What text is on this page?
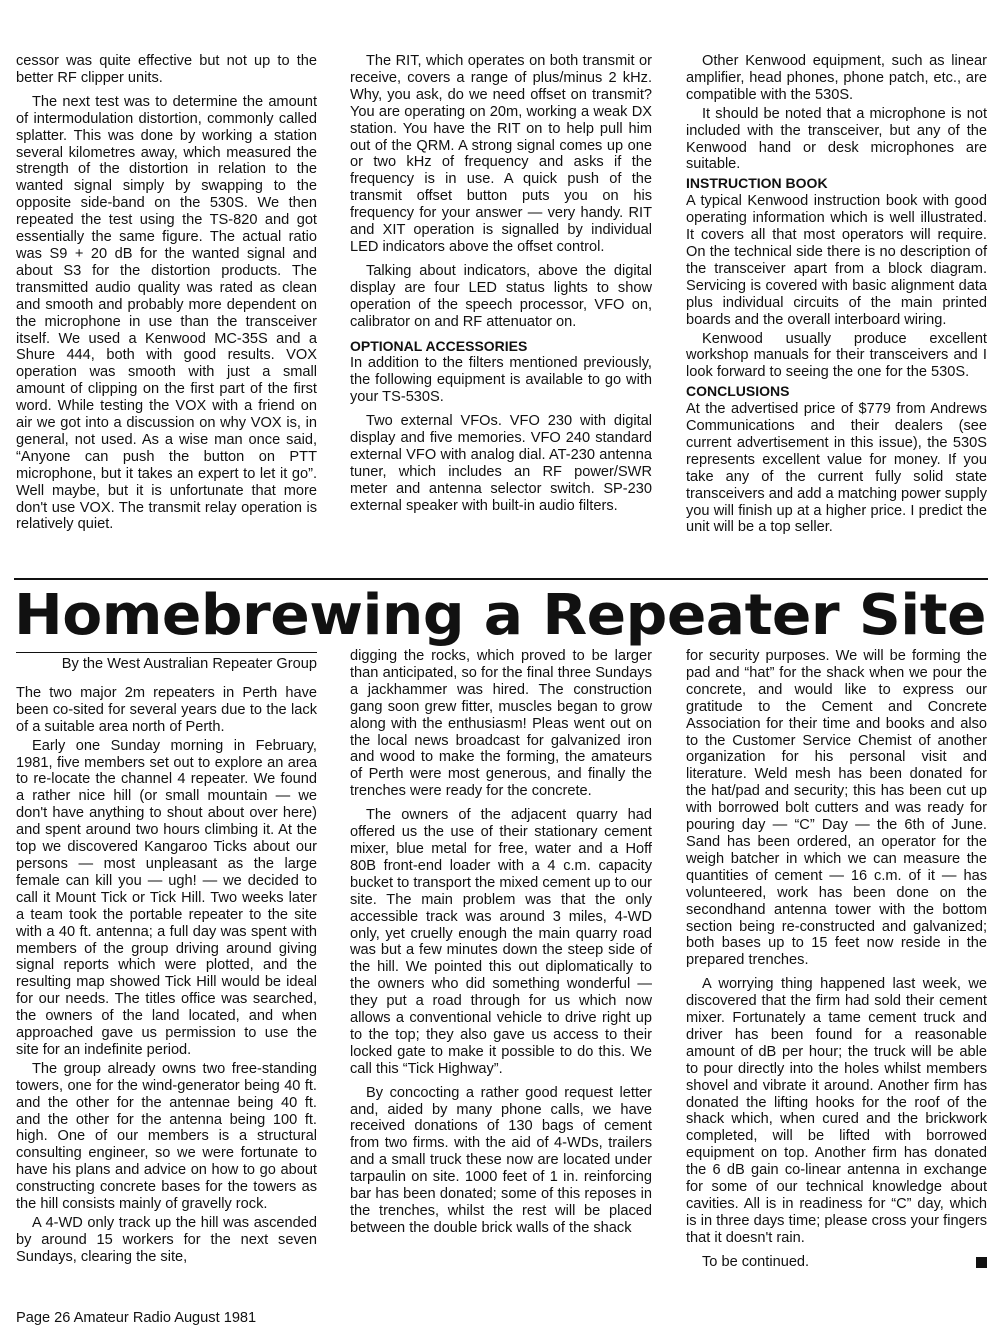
cessor was quite effective but not up to the better RF clipper units.

The next test was to determine the amount of intermodulation distortion, commonly called splatter. This was done by working a station several kilometres away, which measured the strength of the distortion in relation to the wanted signal simply by swapping to the opposite side-band on the 530S. We then repeated the test using the TS-820 and got essentially the same figure. The actual ratio was S9 + 20 dB for the wanted signal and about S3 for the distortion products. The transmitted audio quality was rated as clean and smooth and probably more dependent on the microphone in use than the transceiver itself. We used a Kenwood MC-35S and a Shure 444, both with good results. VOX operation was smooth with just a small amount of clipping on the first part of the first word. While testing the VOX with a friend on air we got into a discussion on why VOX is, in general, not used. As a wise man once said, “Anyone can push the button on PTT microphone, but it takes an expert to let it go”. Well maybe, but it is unfortunate that more don't use VOX. The transmit relay operation is relatively quiet.

The RIT, which operates on both transmit or receive, covers a range of plus/minus 2 kHz. Why, you ask, do we need offset on transmit? You are operating on 20m, working a weak DX station. You have the RIT on to help pull him out of the QRM. A strong signal comes up one or two kHz of frequency and asks if the frequency is in use. A quick push of the transmit offset button puts you on his frequency for your answer — very handy. RIT and XIT operation is signalled by individual LED indicators above the offset control.

Talking about indicators, above the digital display are four LED status lights to show operation of the speech processor, VFO on, calibrator on and RF attenuator on.

OPTIONAL ACCESSORIES

In addition to the filters mentioned previously, the following equipment is available to go with your TS-530S.

Two external VFOs. VFO 230 with digital display and five memories. VFO 240 standard external VFO with analog dial. AT-230 antenna tuner, which includes an RF power/SWR meter and antenna selector switch. SP-230 external speaker with built-in audio filters.

Other Kenwood equipment, such as linear amplifier, head phones, phone patch, etc., are compatible with the 530S.

It should be noted that a microphone is not included with the transceiver, but any of the Kenwood hand or desk microphones are suitable.

INSTRUCTION BOOK

A typical Kenwood instruction book with good operating information which is well illustrated. It covers all that most operators will require. On the technical side there is no description of the transceiver apart from a block diagram. Servicing is covered with basic alignment data plus individual circuits of the main printed boards and the overall interboard wiring.

Kenwood usually produce excellent workshop manuals for their transceivers and I look forward to seeing the one for the 530S.

CONCLUSIONS

At the advertised price of $779 from Andrews Communications and their dealers (see current advertisement in this issue), the 530S represents excellent value for money. If you take any of the current fully solid state transceivers and add a matching power supply you will finish up at a higher price. I predict the unit will be a top seller.

Homebrewing a Repeater Site

By the West Australian Repeater Group

The two major 2m repeaters in Perth have been co-sited for several years due to the lack of a suitable area north of Perth.

Early one Sunday morning in February, 1981, five members set out to explore an area to re-locate the channel 4 repeater. We found a rather nice hill (or small mountain — we don't have anything to shout about over here) and spent around two hours climbing it. At the top we discovered Kangaroo Ticks about our persons — most unpleasant as the large female can kill you — ugh! — we decided to call it Mount Tick or Tick Hill. Two weeks later a team took the portable repeater to the site with a 40 ft. antenna; a full day was spent with members of the group driving around giving signal reports which were plotted, and the resulting map showed Tick Hill would be ideal for our needs. The titles office was searched, the owners of the land located, and when approached gave us permission to use the site for an indefinite period.

The group already owns two free-standing towers, one for the wind-generator being 40 ft. and the other for the antennae being 40 ft. and the other for the antenna being 100 ft. high. One of our members is a structural consulting engineer, so we were fortunate to have his plans and advice on how to go about constructing concrete bases for the towers as the hill consists mainly of gravelly rock.

A 4-WD only track up the hill was ascended by around 15 workers for the next seven Sundays, clearing the site,

digging the rocks, which proved to be larger than anticipated, so for the final three Sundays a jackhammer was hired. The construction gang soon grew fitter, muscles began to grow along with the enthusiasm! Pleas went out on the local news broadcast for galvanized iron and wood to make the forming, the amateurs of Perth were most generous, and finally the trenches were ready for the concrete.

The owners of the adjacent quarry had offered us the use of their stationary cement mixer, blue metal for free, water and a Hoff 80B front-end loader with a 4 c.m. capacity bucket to transport the mixed cement up to our site. The main problem was that the only accessible track was around 3 miles, 4-WD only, yet cruelly enough the main quarry road was but a few minutes down the steep side of the hill. We pointed this out diplomatically to the owners who did something wonderful — they put a road through for us which now allows a conventional vehicle to drive right up to the top; they also gave us access to their locked gate to make it possible to do this. We call this “Tick Highway”.

By concocting a rather good request letter and, aided by many phone calls, we have received donations of 130 bags of cement from two firms. with the aid of 4-WDs, trailers and a small truck these now are located under tarpaulin on site. 1000 feet of 1 in. reinforcing bar has been donated; some of this reposes in the trenches, whilst the rest will be placed between the double brick walls of the shack

for security purposes. We will be forming the pad and “hat” for the shack when we pour the concrete, and would like to express our gratitude to the Cement and Concrete Association for their time and books and also to the Customer Service Chemist of another organization for his personal visit and literature. Weld mesh has been donated for the hat/pad and security; this has been cut up with borrowed bolt cutters and was ready for pouring day — “C” Day — the 6th of June. Sand has been ordered, an operator for the weigh batcher in which we can measure the quantities of cement — 16 c.m. of it — has volunteered, work has been done on the secondhand antenna tower with the bottom section being re-constructed and galvanized; both bases up to 15 feet now reside in the prepared trenches.

A worrying thing happened last week, we discovered that the firm had sold their cement mixer. Fortunately a tame cement truck and driver has been found for a reasonable amount of dB per hour; the truck will be able to pour directly into the holes whilst members shovel and vibrate it around. Another firm has donated the lifting hooks for the roof of the shack which, when cured and the brickwork completed, will be lifted with borrowed equipment on top. Another firm has donated the 6 dB gain co-linear antenna in exchange for some of our technical knowledge about cavities. All is in readiness for “C” day, which is in three days time; please cross your fingers that it doesn't rain.

To be continued.

Page 26 Amateur Radio August 1981
